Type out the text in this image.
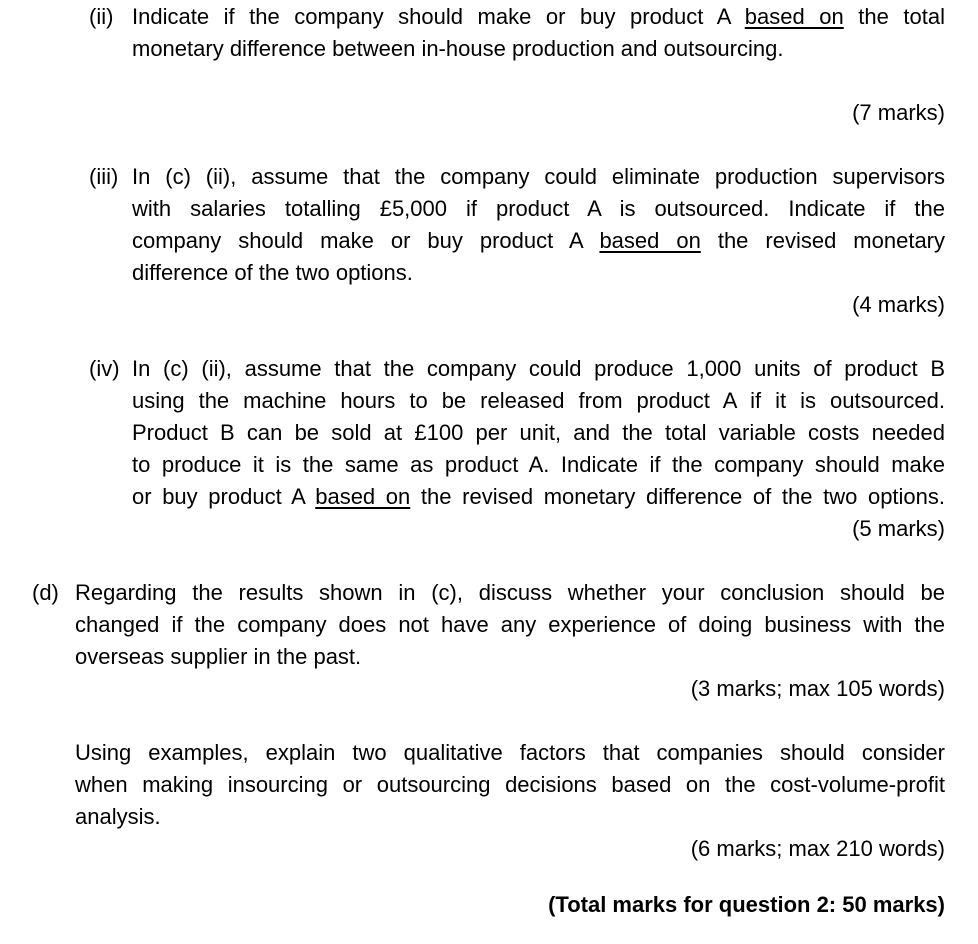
(ii) Indicate if the company should make or buy product A based on the total
monetary difference between in-house production and outsourcing.
(7 marks)
(iii) In (c) (ii), assume that the company could eliminate production supervisors
with salaries totalling £5,000 if product A is outsourced. Indicate if the
company should make or buy product A based on the revised monetary
difference of the two options.
(4 marks)
(iv) In (c) (ii), assume that the company could produce 1,000 units of product B
using the machine hours to be released from product A if it is outsourced.
Product B can be sold at £100 per unit, and the total variable costs needed
to produce it is the same as product A. Indicate if the company should make
or buy product A based on the revised monetary difference of the two options.
(5 marks)
(d) Regarding the results shown in (c), discuss whether your conclusion should be
changed if the company does not have any experience of doing business with the
overseas supplier in the past.
(3 marks; max 105 words)
Using examples, explain two qualitative factors that companies should consider
when making insourcing or outsourcing decisions based on the cost-volume-profit
analysis.
(6 marks; max 210 words)
(Total marks for question 2: 50 marks)
